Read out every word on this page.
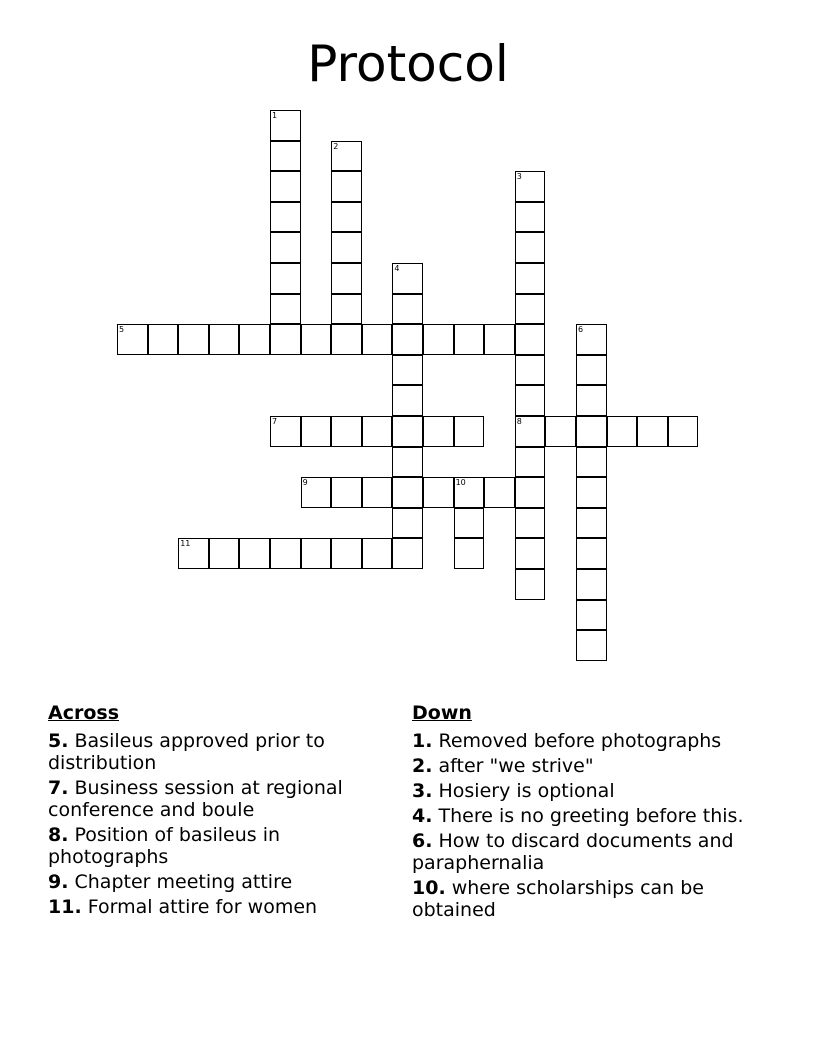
Protocol
1
2
3
4
5	6
7	8
9	10
11
Across
5. Basileus approved prior to distribution
7. Business session at regional conference and boule
8. Position of basileus in photographs
9. Chapter meeting attire
11. Formal attire for women
Down
1. Removed before photographs
2. after "we strive"
3. Hosiery is optional
4. There is no greeting before this.
6. How to discard documents and paraphernalia
10. where scholarships can be obtained
